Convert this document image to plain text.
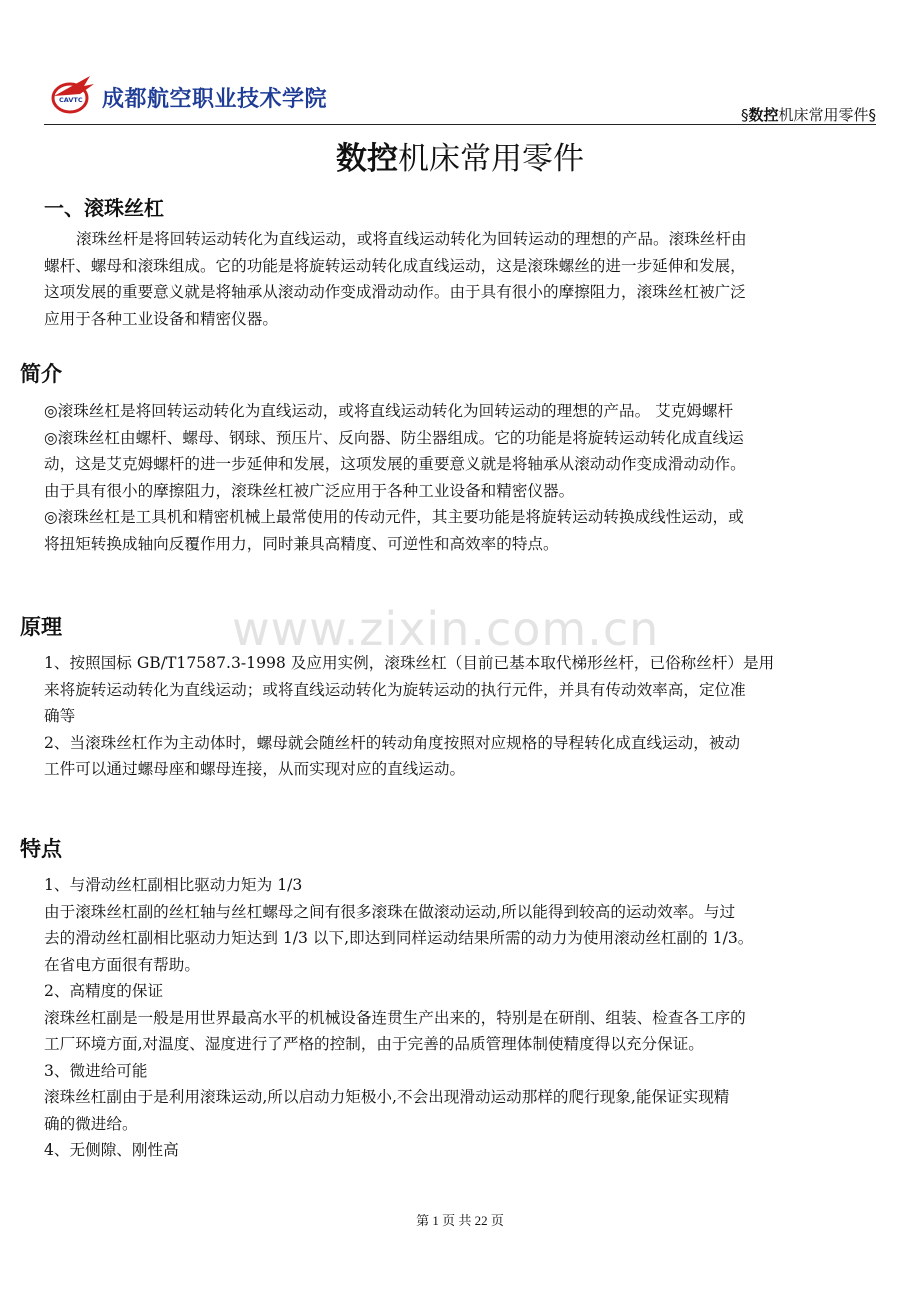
CAVTC 成都航空职业技术学院
§数控机床常用零件§
数控机床常用零件
一、滚珠丝杠
滚珠丝杆是将回转运动转化为直线运动，或将直线运动转化为回转运动的理想的产品。滚珠丝杆由
螺杆、螺母和滚珠组成。它的功能是将旋转运动转化成直线运动，这是滚珠螺丝的进一步延伸和发展，
这项发展的重要意义就是将轴承从滚动动作变成滑动动作。由于具有很小的摩擦阻力，滚珠丝杠被广泛
应用于各种工业设备和精密仪器。
简介
◎滚珠丝杠是将回转运动转化为直线运动，或将直线运动转化为回转运动的理想的产品。 艾克姆螺杆
◎滚珠丝杠由螺杆、螺母、钢球、预压片、反向器、防尘器组成。它的功能是将旋转运动转化成直线运
动，这是艾克姆螺杆的进一步延伸和发展，这项发展的重要意义就是将轴承从滚动动作变成滑动动作。
由于具有很小的摩擦阻力，滚珠丝杠被广泛应用于各种工业设备和精密仪器。
◎滚珠丝杠是工具机和精密机械上最常使用的传动元件，其主要功能是将旋转运动转换成线性运动，或
将扭矩转换成轴向反覆作用力，同时兼具高精度、可逆性和高效率的特点。
www.zixin.com.cn
原理
1、按照国标 GB/T17587.3-1998 及应用实例，滚珠丝杠（目前已基本取代梯形丝杆，已俗称丝杆）是用
来将旋转运动转化为直线运动；或将直线运动转化为旋转运动的执行元件，并具有传动效率高，定位准
确等
2、当滚珠丝杠作为主动体时，螺母就会随丝杆的转动角度按照对应规格的导程转化成直线运动，被动
工件可以通过螺母座和螺母连接，从而实现对应的直线运动。
特点
1、与滑动丝杠副相比驱动力矩为 1/3
由于滚珠丝杠副的丝杠轴与丝杠螺母之间有很多滚珠在做滚动运动,所以能得到较高的运动效率。与过
去的滑动丝杠副相比驱动力矩达到 1/3 以下,即达到同样运动结果所需的动力为使用滚动丝杠副的 1/3。
在省电方面很有帮助。
2、高精度的保证
滚珠丝杠副是一般是用世界最高水平的机械设备连贯生产出来的，特别是在研削、组装、检查各工序的
工厂环境方面,对温度、湿度进行了严格的控制，由于完善的品质管理体制使精度得以充分保证。
3、微进给可能
滚珠丝杠副由于是利用滚珠运动,所以启动力矩极小,不会出现滑动运动那样的爬行现象,能保证实现精
确的微进给。
4、无侧隙、刚性高
第 1 页 共 22 页
